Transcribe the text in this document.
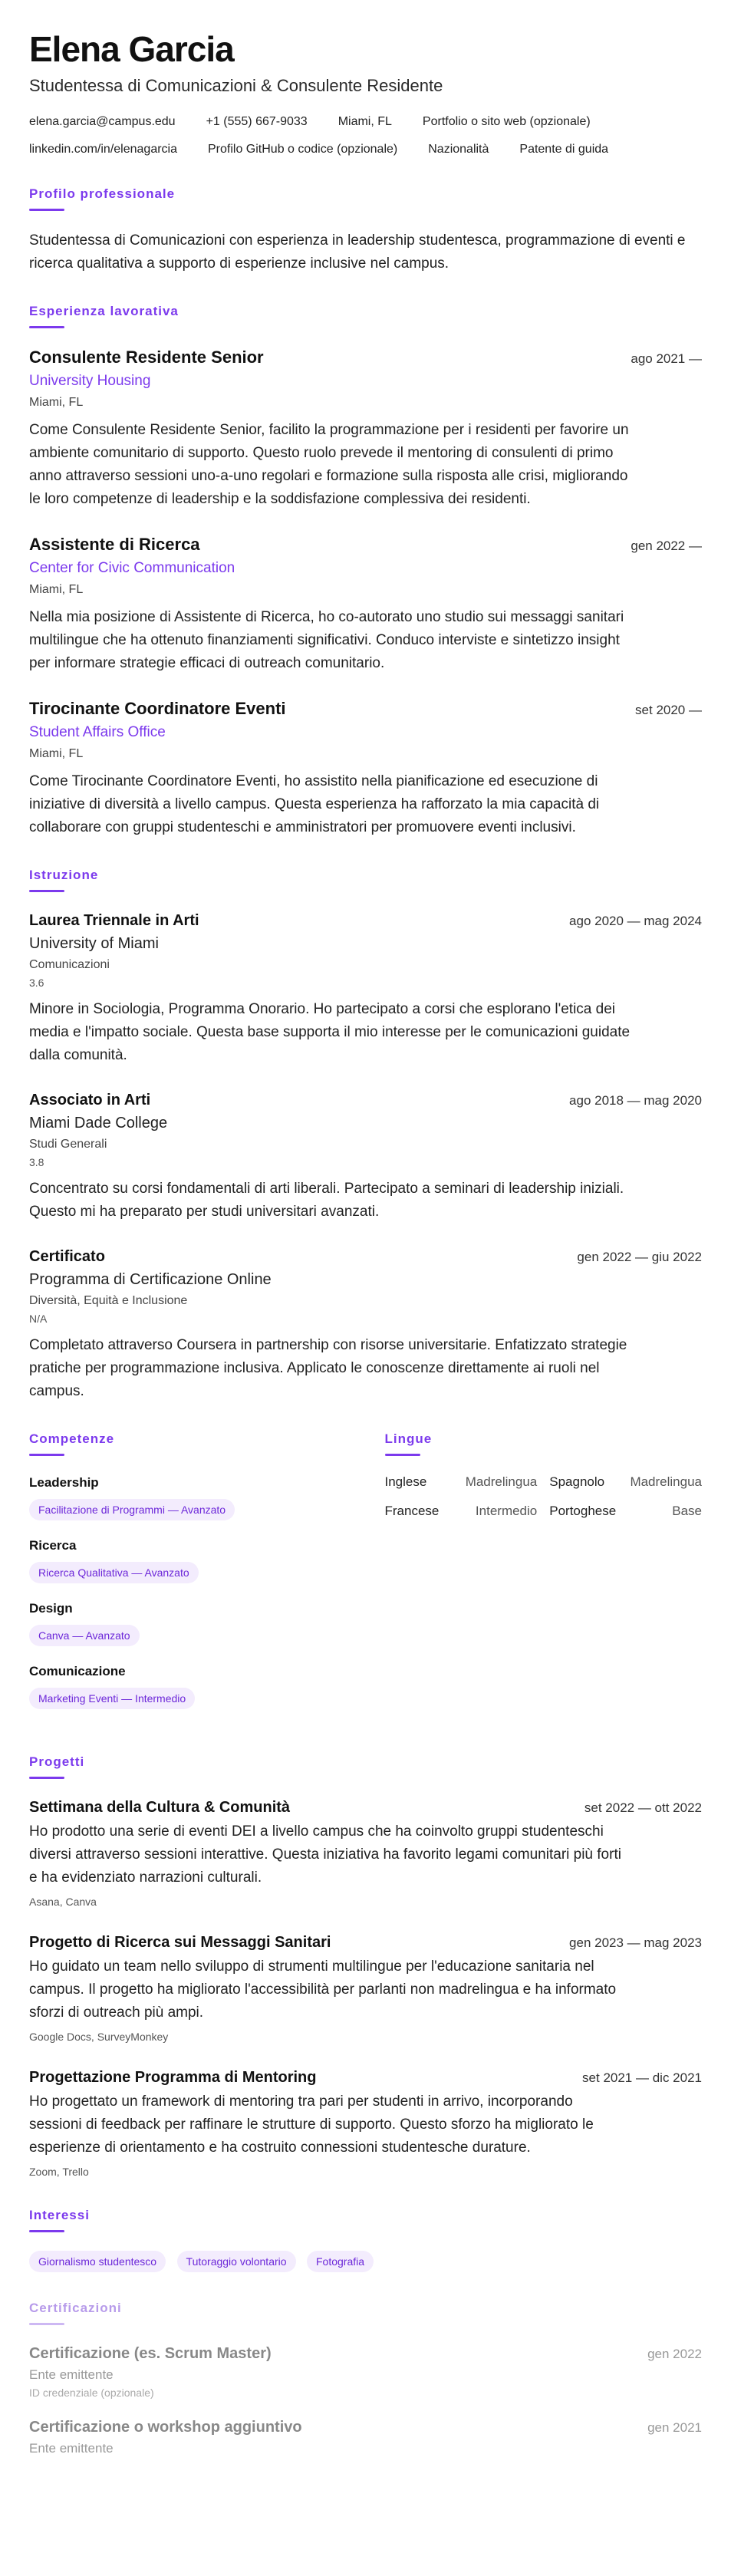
Elena Garcia
Studentessa di Comunicazioni & Consulente Residente
elena.garcia@campus.edu	+1 (555) 667-9033	Miami, FL	Portfolio o sito web (opzionale)
linkedin.com/in/elenagarcia	Profilo GitHub o codice (opzionale)	Nazionalità	Patente di guida
Profilo professionale

Studentessa di Comunicazioni con esperienza in leadership studentesca, programmazione di eventi e ricerca qualitativa a supporto di esperienze inclusive nel campus.

Esperienza lavorativa
Consulente Residente Senior	ago 2021 —
University Housing
Miami, FL

Come Consulente Residente Senior, facilito la programmazione per i residenti per favorire un ambiente comunitario di supporto. Questo ruolo prevede il mentoring di consulenti di primo anno attraverso sessioni uno-a-uno regolari e formazione sulla risposta alle crisi, migliorando le loro competenze di leadership e la soddisfazione complessiva dei residenti.

Assistente di Ricerca	gen 2022 —
Center for Civic Communication
Miami, FL

Nella mia posizione di Assistente di Ricerca, ho co-autorato uno studio sui messaggi sanitari multilingue che ha ottenuto finanziamenti significativi. Conduco interviste e sintetizzo insight per informare strategie efficaci di outreach comunitario.

Tirocinante Coordinatore Eventi	set 2020 —
Student Affairs Office
Miami, FL

Come Tirocinante Coordinatore Eventi, ho assistito nella pianificazione ed esecuzione di iniziative di diversità a livello campus. Questa esperienza ha rafforzato la mia capacità di collaborare con gruppi studenteschi e amministratori per promuovere eventi inclusivi.

Istruzione
Laurea Triennale in Arti	ago 2020 — mag 2024
University of Miami
Comunicazioni
3.6

Minore in Sociologia, Programma Onorario. Ho partecipato a corsi che esplorano l'etica dei media e l'impatto sociale. Questa base supporta il mio interesse per le comunicazioni guidate dalla comunità.

Associato in Arti	ago 2018 — mag 2020
Miami Dade College
Studi Generali
3.8

Concentrato su corsi fondamentali di arti liberali. Partecipato a seminari di leadership iniziali. Questo mi ha preparato per studi universitari avanzati.

Certificato	gen 2022 — giu 2022
Programma di Certificazione Online
Diversità, Equità e Inclusione
N/A

Completato attraverso Coursera in partnership con risorse universitarie. Enfatizzato strategie pratiche per programmazione inclusiva. Applicato le conoscenze direttamente ai ruoli nel campus.

Competenze
Leadership
Facilitazione di Programmi — Avanzato
Ricerca
Ricerca Qualitativa — Avanzato
Design
Canva — Avanzato
Comunicazione
Marketing Eventi — Intermedio
Lingue
Inglese	Madrelingua Spagnolo Madrelingua
Francese	Intermedio Portoghese	Base
Progetti
Settimana della Cultura & Comunità	set 2022 — ott 2022

Ho prodotto una serie di eventi DEI a livello campus che ha coinvolto gruppi studenteschi diversi attraverso sessioni interattive. Questa iniziativa ha favorito legami comunitari più forti e ha evidenziato narrazioni culturali.

Asana, Canva
Progetto di Ricerca sui Messaggi Sanitari	gen 2023 — mag 2023

Ho guidato un team nello sviluppo di strumenti multilingue per l'educazione sanitaria nel campus. Il progetto ha migliorato l'accessibilità per parlanti non madrelingua e ha informato sforzi di outreach più ampi.

Google Docs, SurveyMonkey
Progettazione Programma di Mentoring	set 2021 — dic 2021

Ho progettato un framework di mentoring tra pari per studenti in arrivo, incorporando sessioni di feedback per raffinare le strutture di supporto. Questo sforzo ha migliorato le esperienze di orientamento e ha costruito connessioni studentesche durature.

Zoom, Trello
Interessi
Giornalismo studentesco	Tutoraggio volontario	Fotografia
Certificazioni
Certificazione (es. Scrum Master)	gen 2022
Ente emittente
ID credenziale (opzionale)
Certificazione o workshop aggiuntivo	gen 2021
Ente emittente
